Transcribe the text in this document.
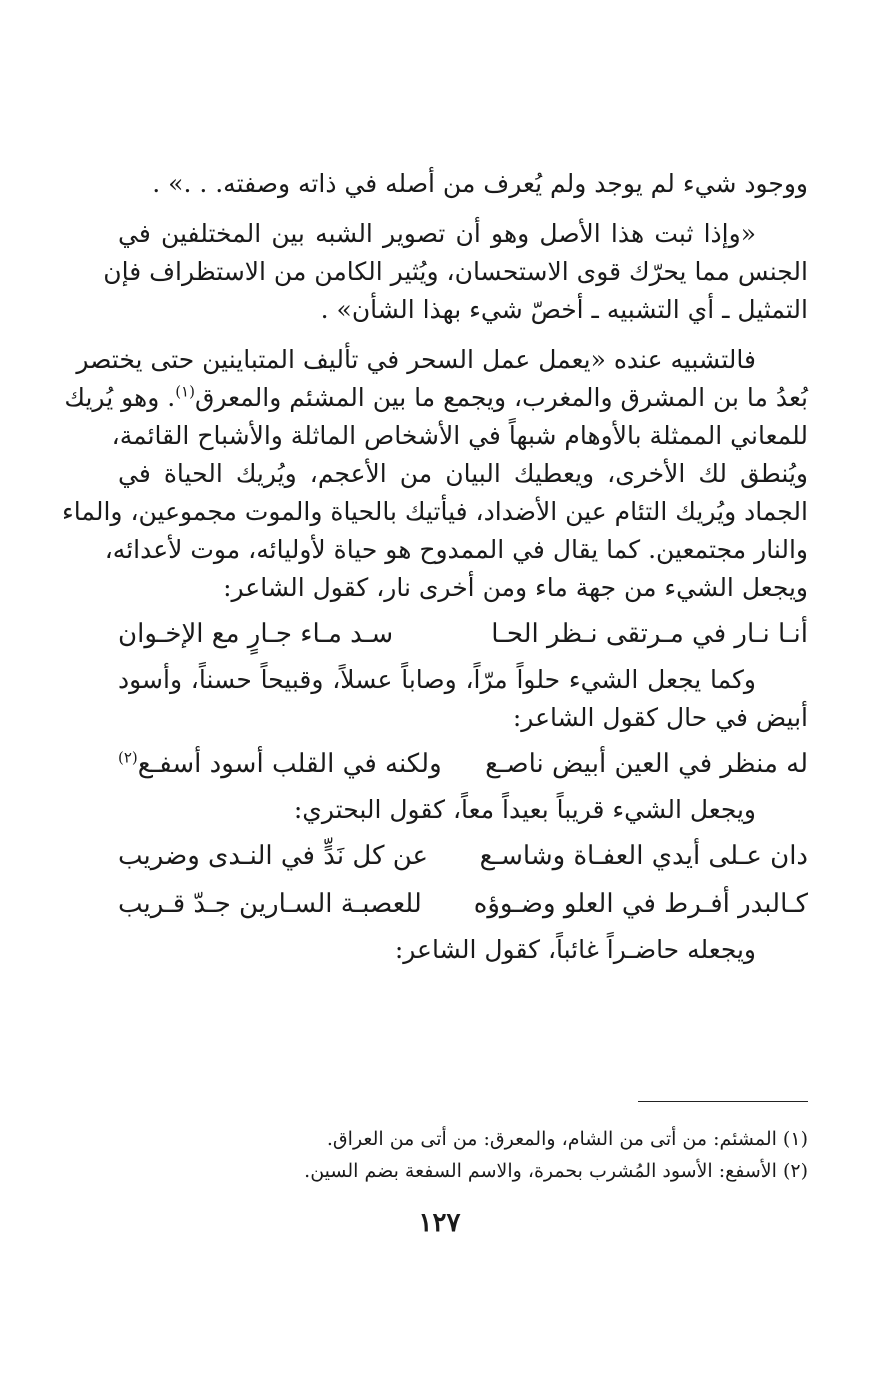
ووجود شيء لم يوجد ولم يُعرف من أصله في ذاته وصفته. . .» .

«وإذا ثبت هذا الأصل وهو أن تصوير الشبه بين المختلفين في

الجنس مما يحرّك قوى الاستحسان، ويُثير الكامن من الاستظراف فإن

التمثيل ـ أي التشبيه ـ أخصّ شيء بهذا الشأن» .

فالتشبيه عنده «يعمل عمل السحر في تأليف المتباينين حتى يختصر

بُعدُ ما بن المشرق والمغرب، ويجمع ما بين المشئم والمعرق$^{(١)}$. وهو يُريك

للمعاني الممثلة بالأوهام شبهاً في الأشخاص الماثلة والأشباح القائمة،

ويُنطق لك الأخرى، ويعطيك البيان من الأعجم، ويُريك الحياة في

الجماد ويُريك التئام عين الأضداد، فيأتيك بالحياة والموت مجموعين، والماء

والنار مجتمعين. كما يقال في الممدوح هو حياة لأوليائه، موت لأعدائه،

ويجعل الشيء من جهة ماء ومن أخرى نار، كقول الشاعر:

أنـا نـار في مـرتقى نـظر الحـا
سـد مـاء جـارٍ مع الإخـوان

وكما يجعل الشيء حلواً مرّاً، وصاباً عسلاً، وقبيحاً حسناً، وأسود

أبيض في حال كقول الشاعر:

له منظر في العين أبيض ناصـع
ولكنه في القلب أسود أسفـع$^{(٢)}$

ويجعل الشيء قريباً بعيداً معاً، كقول البحتري:

دان عـلى أيدي العفـاة وشاسـع
عن كل نَدٍّ في النـدى وضريب
كـالبدر أفـرط في العلو وضـوؤه
للعصبـة السـارين جـدّ قـريب

ويجعله حاضـراً غائباً، كقول الشاعر:

(١) المشئم: من أتى من الشام، والمعرق: من أتى من العراق.
(٢) الأسفع: الأسود المُشرب بحمرة، والاسم السفعة بضم السين.
١٢٧
